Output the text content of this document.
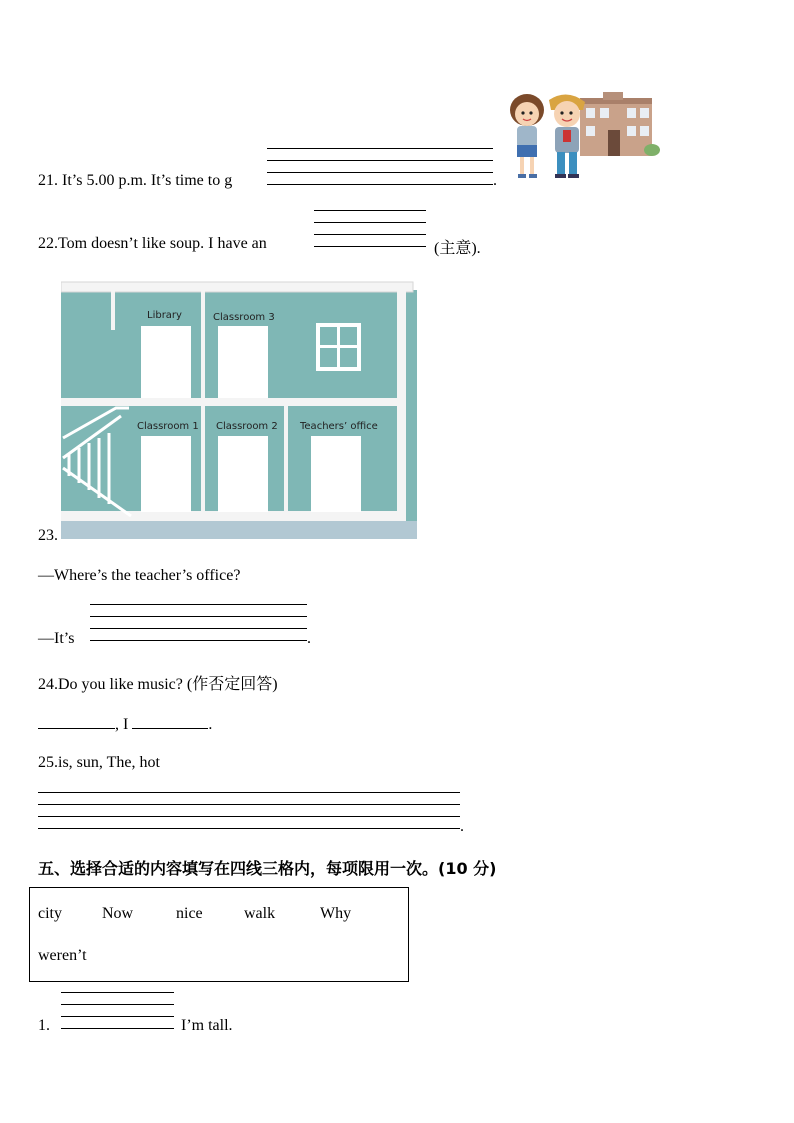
21. It’s 5.00 p.m. It’s time to g	.
22.Tom doesn’t like soup. I have an	(主意).
Library	Classroom 3
Classroom 1 Classroom 2 Teachers’ office
23.
—Where’s the teacher’s office?
—It’s	.
24.Do you like music? (作否定回答)
, I	.
25.is, sun, The, hot
.
五、选择合适的内容填写在四线三格内，每项限用一次。(10 分)
city	Now	nice	walk	Why
weren’t
1.	I’m tall.
